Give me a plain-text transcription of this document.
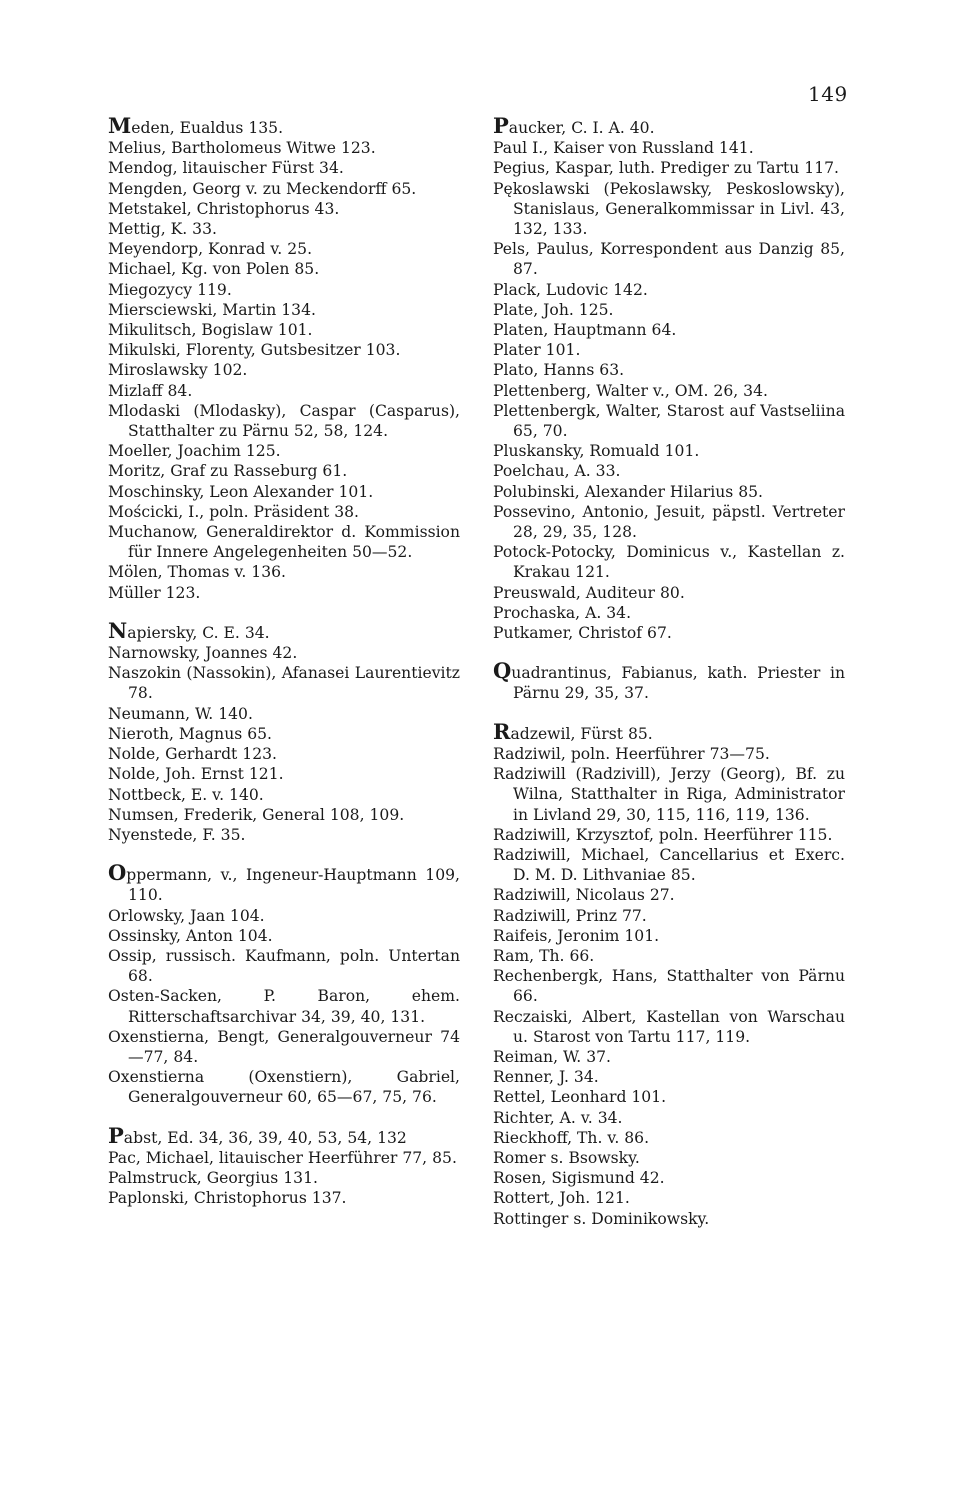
149
Meden, Eualdus 135.
Melius, Bartholomeus Witwe 123.
Mendog, litauischer Fürst 34.
Mengden, Georg v. zu Meckendorff 65.
Metstakel, Christophorus 43.
Mettig, K. 33.
Meyendorp, Konrad v. 25.
Michael, Kg. von Polen 85.
Miegozycy 119.
Miersciewski, Martin 134.
Mikulitsch, Bogislaw 101.
Mikulski, Florenty, Gutsbesitzer 103.
Miroslawsky 102.
Mizlaff 84.
Mlodaski (Mlodasky), Caspar (Casparus), Statthalter zu Pärnu 52, 58, 124.
Moeller, Joachim 125.
Moritz, Graf zu Rasseburg 61.
Moschinsky, Leon Alexander 101.
Mościcki, I., poln. Präsident 38.
Muchanow, Generaldirektor d. Kommission für Innere Angelegenheiten 50—52.
Mölen, Thomas v. 136.
Müller 123.
Napiersky, C. E. 34.
Narnowsky, Joannes 42.
Naszokin (Nassokin), Afanasei Laurentievitz 78.
Neumann, W. 140.
Nieroth, Magnus 65.
Nolde, Gerhardt 123.
Nolde, Joh. Ernst 121.
Nottbeck, E. v. 140.
Numsen, Frederik, General 108, 109.
Nyenstede, F. 35.
Oppermann, v., Ingeneur-Hauptmann 109, 110.
Orlowsky, Jaan 104.
Ossinsky, Anton 104.
Ossip, russisch. Kaufmann, poln. Untertan 68.
Osten-Sacken, P. Baron, ehem. Ritterschaftsarchivar 34, 39, 40, 131.
Oxenstierna, Bengt, Generalgouverneur 74—77, 84.
Oxenstierna (Oxenstiern), Gabriel, Generalgouverneur 60, 65—67, 75, 76.
Pabst, Ed. 34, 36, 39, 40, 53, 54, 132
Pac, Michael, litauischer Heerführer 77, 85.
Palmstruck, Georgius 131.
Paplonski, Christophorus 137.
Paucker, C. I. A. 40.
Paul I., Kaiser von Russland 141.
Pegius, Kaspar, luth. Prediger zu Tartu 117.
Pękoslawski (Pekoslawsky, Peskoslowsky), Stanislaus, Generalkommissar in Livl. 43, 132, 133.
Pels, Paulus, Korrespondent aus Danzig 85, 87.
Plack, Ludovic 142.
Plate, Joh. 125.
Platen, Hauptmann 64.
Plater 101.
Plato, Hanns 63.
Plettenberg, Walter v., OM. 26, 34.
Plettenbergk, Walter, Starost auf Vastseliina 65, 70.
Pluskansky, Romuald 101.
Poelchau, A. 33.
Polubinski, Alexander Hilarius 85.
Possevino, Antonio, Jesuit, päpstl. Vertreter 28, 29, 35, 128.
Potock-Potocky, Dominicus v., Kastellan z. Krakau 121.
Preuswald, Auditeur 80.
Prochaska, A. 34.
Putkamer, Christof 67.
Quadrantinus, Fabianus, kath. Priester in Pärnu 29, 35, 37.
Radzewil, Fürst 85.
Radziwil, poln. Heerführer 73—75.
Radziwill (Radzivill), Jerzy (Georg), Bf. zu Wilna, Statthalter in Riga, Administrator in Livland 29, 30, 115, 116, 119, 136.
Radziwill, Krzysztof, poln. Heerführer 115.
Radziwill, Michael, Cancellarius et Exerc. D. M. D. Lithvaniae 85.
Radziwill, Nicolaus 27.
Radziwill, Prinz 77.
Raifeis, Jeronim 101.
Ram, Th. 66.
Rechenbergk, Hans, Statthalter von Pärnu 66.
Reczaiski, Albert, Kastellan von Warschau u. Starost von Tartu 117, 119.
Reiman, W. 37.
Renner, J. 34.
Rettel, Leonhard 101.
Richter, A. v. 34.
Rieckhoff, Th. v. 86.
Romer s. Bsowsky.
Rosen, Sigismund 42.
Rottert, Joh. 121.
Rottinger s. Dominikowsky.
